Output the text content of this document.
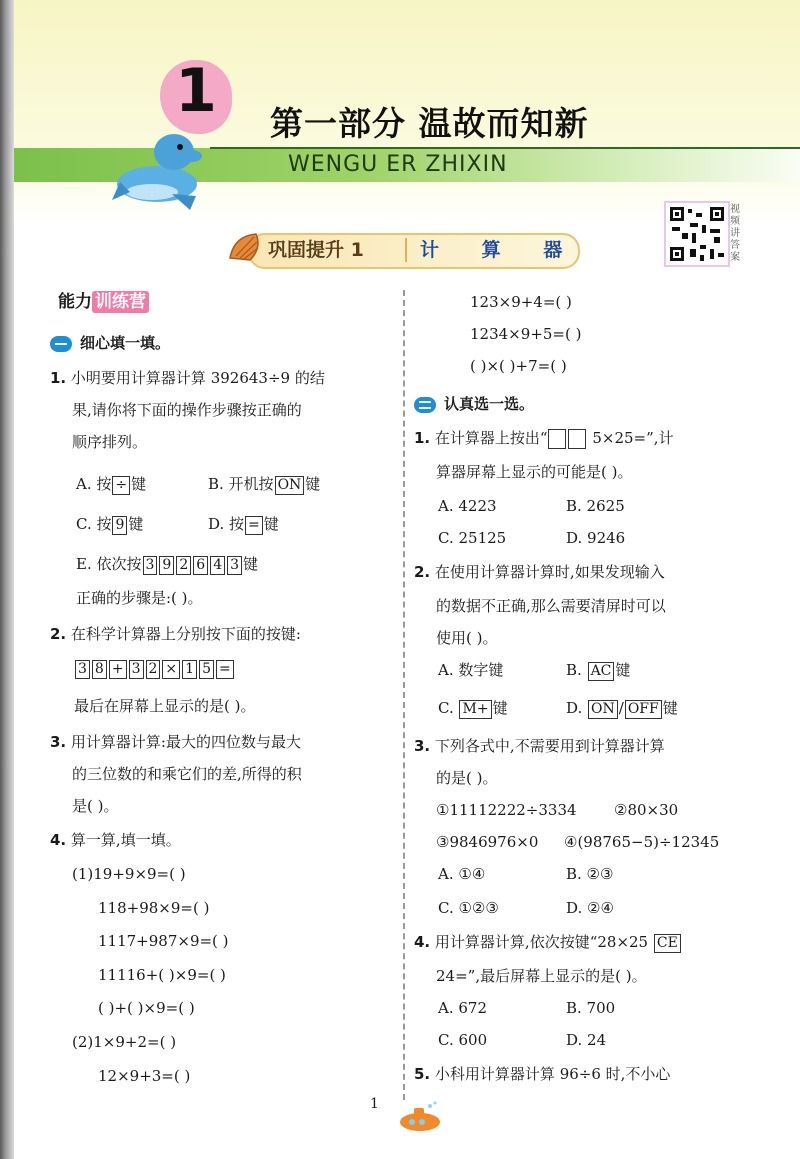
1	第一部分 温故而知新
WENGU ER ZHIXIN
视频讲答案
巩固提升 1	计 算 器
能力 训练营
细心填一填。
1. 小明要用计算器计算 392643÷9 的结
果,请你将下面的操作步骤按正确的
顺序排列。
A. 按 ÷ 键	B. 开机按 ON 键
C. 按 9 键	D. 按 = 键
E. 依次按 3 9 2 6 4 3 键
正确的步骤是:( )。
2. 在科学计算器上分别按下面的按键:
3 8 + 3 2 × 1 5 =
最后在屏幕上显示的是( )。
3. 用计算器计算:最大的四位数与最大
的三位数的和乘它们的差,所得的积
是( )。
4. 算一算,填一填。
(1)19+9×9=( )
118+98×9=( )
1117+987×9=( )
11116+( )×9=( )
( )+( )×9=( )
(2)1×9+2=( )
12×9+3=( )
123×9+4=( )
1234×9+5=( )
( )×( )+7=( )
认真选一选。
1. 在计算器上按出“	5×25=”,计
算器屏幕上显示的可能是( )。
A. 4223	B. 2625
C. 25125	D. 9246
2. 在使用计算器计算时,如果发现输入
的数据不正确,那么需要清屏时可以
使用( )。
A. 数字键	B. AC 键
C. M+ 键	D. ON / OFF 键
3. 下列各式中,不需要用到计算器计算
的是( )。
①11112222÷3334 ②80×30
③9846976×0 ④(98765−5)÷12345
A. ①④	B. ②③
C. ①②③	D. ②④
4. 用计算器计算,依次按键“28×25 CE
24=”,最后屏幕上显示的是( )。
A. 672	B. 700
C. 600	D. 24
5. 小科用计算器计算 96÷6 时,不小心
1
